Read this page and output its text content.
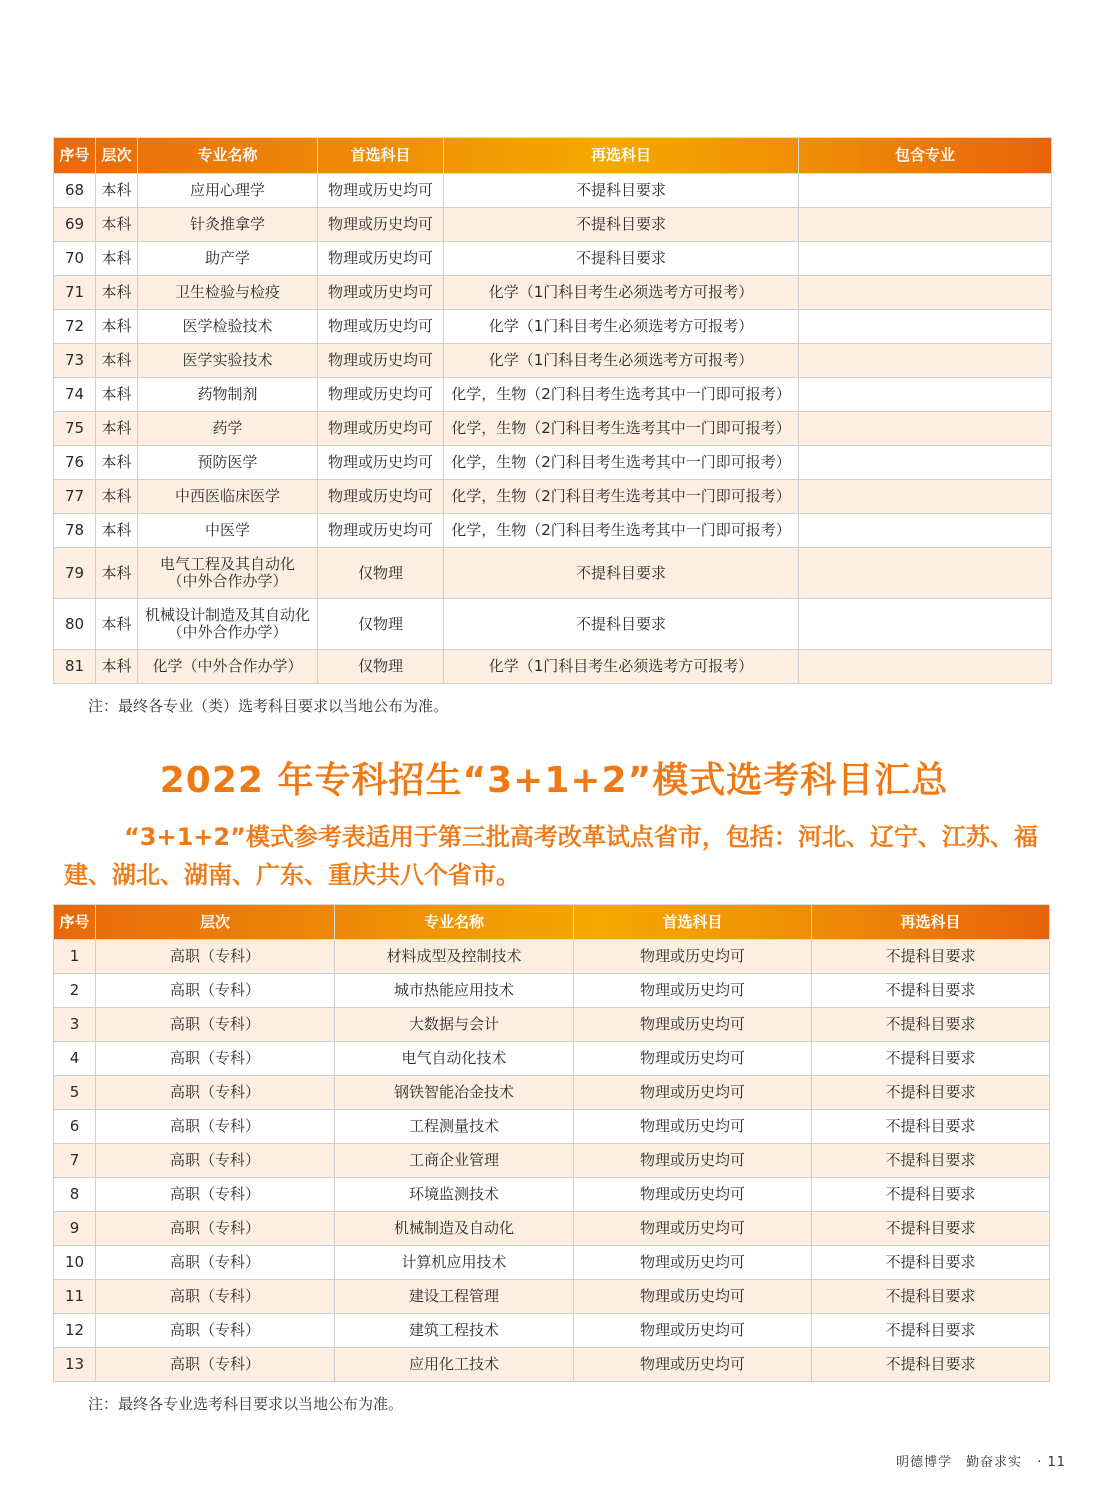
序号	层次	专业名称	首选科目	再选科目	包含专业
68	本科	应用心理学	物理或历史均可	不提科目要求	
69	本科	针灸推拿学	物理或历史均可	不提科目要求	
70	本科	助产学	物理或历史均可	不提科目要求	
71	本科	卫生检验与检疫	物理或历史均可	化学（1门科目考生必须选考方可报考）	
72	本科	医学检验技术	物理或历史均可	化学（1门科目考生必须选考方可报考）	
73	本科	医学实验技术	物理或历史均可	化学（1门科目考生必须选考方可报考）	
74	本科	药物制剂	物理或历史均可	化学，生物（2门科目考生选考其中一门即可报考）	
75	本科	药学	物理或历史均可	化学，生物（2门科目考生选考其中一门即可报考）	
76	本科	预防医学	物理或历史均可	化学，生物（2门科目考生选考其中一门即可报考）	
77	本科	中西医临床医学	物理或历史均可	化学，生物（2门科目考生选考其中一门即可报考）	
78	本科	中医学	物理或历史均可	化学，生物（2门科目考生选考其中一门即可报考）	
79	本科	电气工程及其自动化
（中外合作办学）	仅物理	不提科目要求	
80	本科	机械设计制造及其自动化
（中外合作办学）	仅物理	不提科目要求	
81	本科	化学（中外合作办学）	仅物理	化学（1门科目考生必须选考方可报考）	
注：最终各专业（类）选考科目要求以当地公布为准。
2022 年专科招生“3+1+2”模式选考科目汇总
“3+1+2”模式参考表适用于第三批高考改革试点省市，包括：河北、辽宁、江苏、福建、湖北、湖南、广东、重庆共八个省市。
序号	层次	专业名称	首选科目	再选科目
1	高职（专科）	材料成型及控制技术	物理或历史均可	不提科目要求
2	高职（专科）	城市热能应用技术	物理或历史均可	不提科目要求
3	高职（专科）	大数据与会计	物理或历史均可	不提科目要求
4	高职（专科）	电气自动化技术	物理或历史均可	不提科目要求
5	高职（专科）	钢铁智能冶金技术	物理或历史均可	不提科目要求
6	高职（专科）	工程测量技术	物理或历史均可	不提科目要求
7	高职（专科）	工商企业管理	物理或历史均可	不提科目要求
8	高职（专科）	环境监测技术	物理或历史均可	不提科目要求
9	高职（专科）	机械制造及自动化	物理或历史均可	不提科目要求
10	高职（专科）	计算机应用技术	物理或历史均可	不提科目要求
11	高职（专科）	建设工程管理	物理或历史均可	不提科目要求
12	高职（专科）	建筑工程技术	物理或历史均可	不提科目要求
13	高职（专科）	应用化工技术	物理或历史均可	不提科目要求
注：最终各专业选考科目要求以当地公布为准。
明德博学　勤奋求实 · 11
